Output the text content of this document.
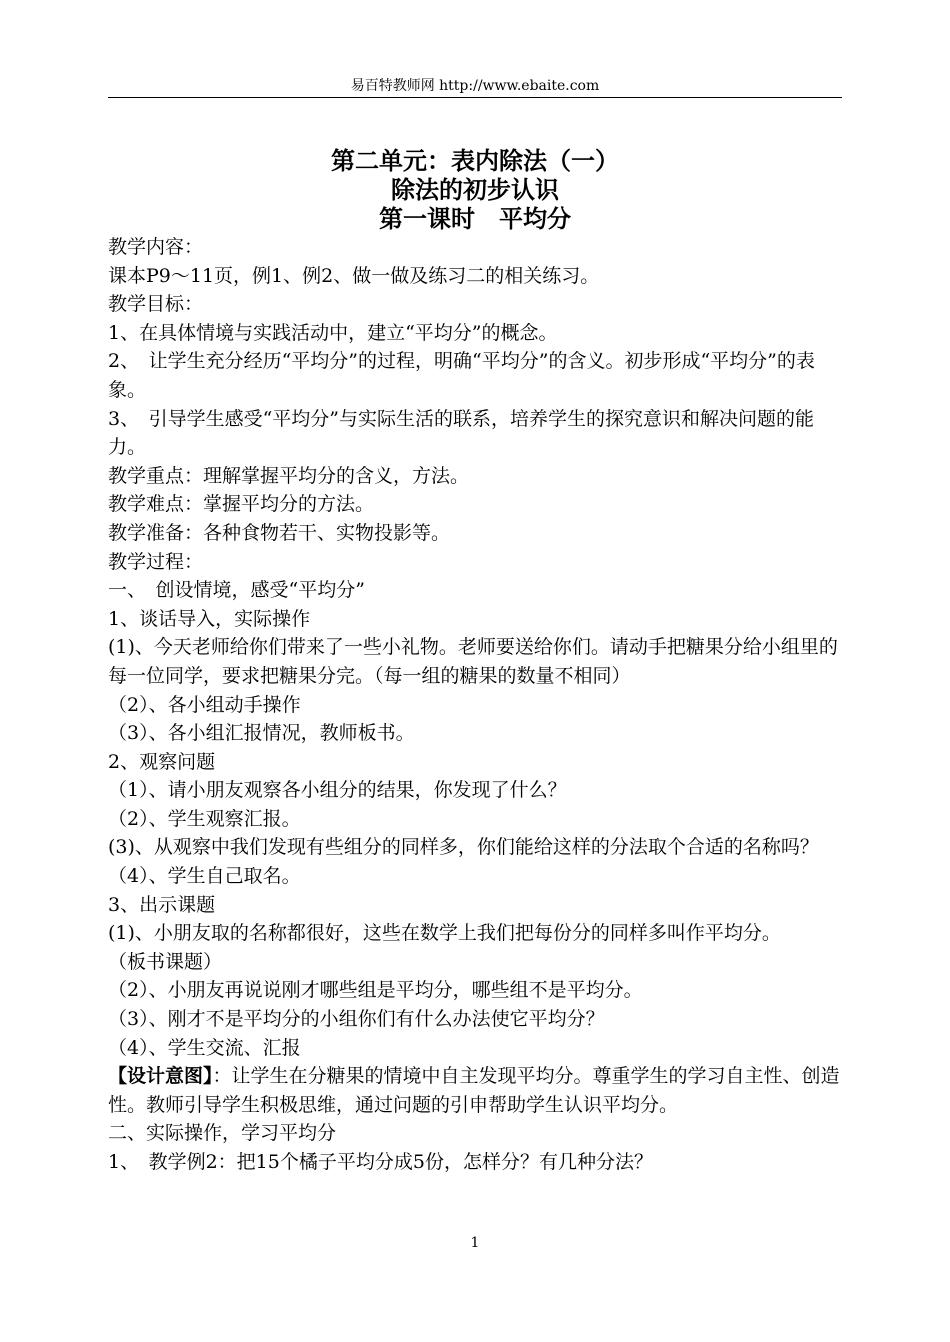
易百特教师网 http://www.ebaite.com

第二单元：表内除法（一）

除法的初步认识

第一课时　平均分

教学内容：

课本P9～11页，例1、例2、做一做及练习二的相关练习。

教学目标：

1、在具体情境与实践活动中，建立“平均分”的概念。

2、　让学生充分经历“平均分”的过程，明确“平均分”的含义。初步形成“平均分”的表象。

3、　引导学生感受“平均分”与实际生活的联系，培养学生的探究意识和解决问题的能力。

教学重点：理解掌握平均分的含义，方法。

教学难点：掌握平均分的方法。

教学准备：各种食物若干、实物投影等。

教学过程：

一、　创设情境，感受“平均分”

1、谈话导入，实际操作

(1)、今天老师给你们带来了一些小礼物。老师要送给你们。请动手把糖果分给小组里的每一位同学，要求把糖果分完。（每一组的糖果的数量不相同）

（2）、各小组动手操作

（3）、各小组汇报情况，教师板书。

2、观察问题

（1）、请小朋友观察各小组分的结果，你发现了什么？

（2）、学生观察汇报。

(3)、从观察中我们发现有些组分的同样多，你们能给这样的分法取个合适的名称吗？

（4）、学生自己取名。

3、出示课题

(1)、小朋友取的名称都很好，这些在数学上我们把每份分的同样多叫作平均分。

（板书课题）

（2）、小朋友再说说刚才哪些组是平均分，哪些组不是平均分。

（3）、刚才不是平均分的小组你们有什么办法使它平均分？

（4）、学生交流、汇报

【设计意图】：让学生在分糖果的情境中自主发现平均分。尊重学生的学习自主性、创造性。教师引导学生积极思维，通过问题的引申帮助学生认识平均分。

二、实际操作，学习平均分

1、　教学例2：把15个橘子平均分成5份，怎样分？有几种分法？

1
